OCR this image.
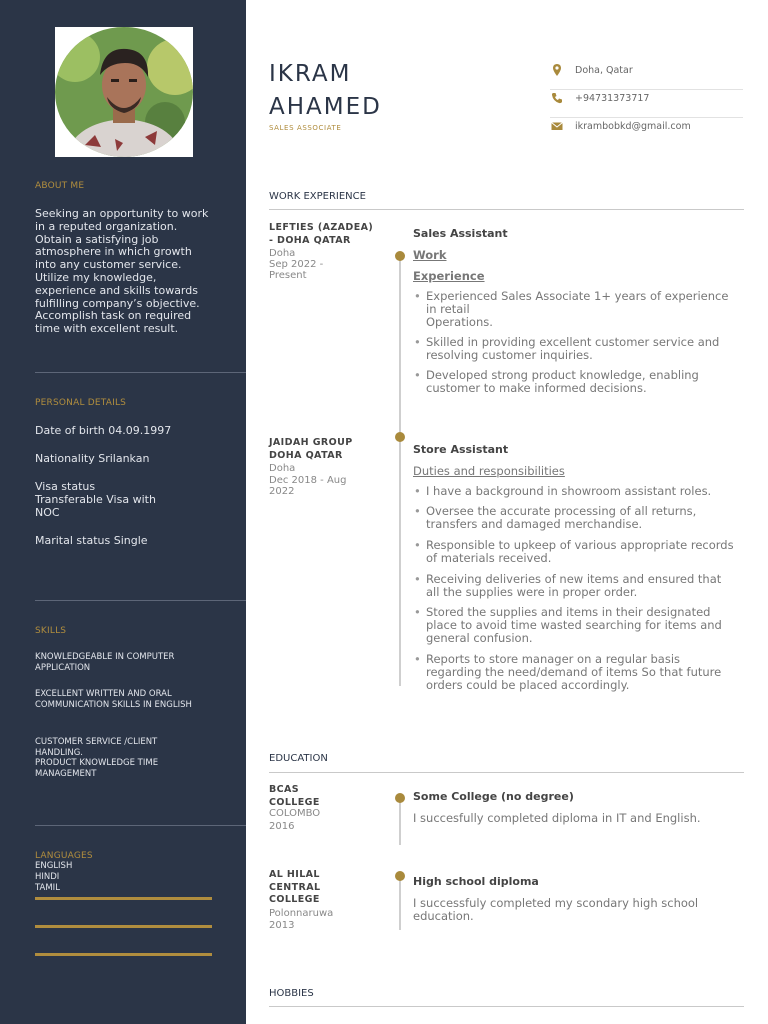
ABOUT ME
Seeking an opportunity to work in a reputed organization. Obtain a satisfying job atmosphere in which growth into any customer service. Utilize my knowledge, experience and skills towards fulfilling company’s objective. Accomplish task on required time with excellent result.
PERSONAL DETAILS
Date of birth 04.09.1997
Nationality Srilankan
Visa status
Transferable Visa with NOC
Marital status Single
SKILLS
KNOWLEDGEABLE IN COMPUTER APPLICATION
EXCELLENT WRITTEN AND ORAL COMMUNICATION SKILLS IN ENGLISH
CUSTOMER SERVICE /CLIENT HANDLING.
PRODUCT KNOWLEDGE TIME MANAGEMENT
LANGUAGES
ENGLISH
HINDI
TAMIL
IKRAM
AHAMED
SALES ASSOCIATE
Doha, Qatar
+94731373717
ikrambobkd@gmail.com
WORK EXPERIENCE
LEFTIES (AZADEA) - DOHA QATAR
Doha
Sep 2022 - Present
Sales Assistant
Work
Experience
• Experienced Sales Associate 1+ years of experience in retail
Operations.
• Skilled in providing excellent customer service and resolving customer inquiries.
• Developed strong product knowledge, enabling customer to make informed decisions.
JAIDAH GROUP DOHA QATAR
Doha
Dec 2018 - Aug 2022
Store Assistant
Duties and responsibilities
• I have a background in showroom assistant roles.
• Oversee the accurate processing of all returns, transfers and damaged merchandise.
• Responsible to upkeep of various appropriate records of materials received.
• Receiving deliveries of new items and ensured that all the supplies were in proper order.
• Stored the supplies and items in their designated place to avoid time wasted searching for items and general confusion.
• Reports to store manager on a regular basis regarding the need/demand of items So that future orders could be placed accordingly.
EDUCATION
BCAS COLLEGE
COLOMBO
2016
Some College (no degree)
I succesfully completed diploma in IT and English.
AL HILAL CENTRAL COLLEGE
Polonnaruwa
2013
High school diploma
I successfuly completed my scondary high school education.
HOBBIES
